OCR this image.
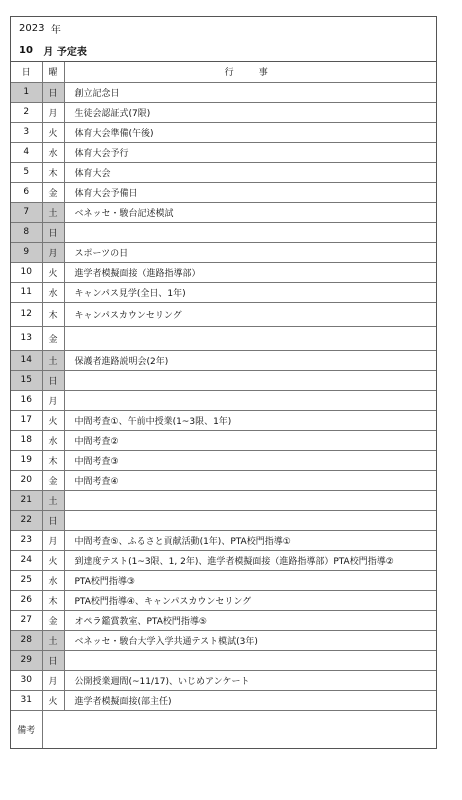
2023
年
10
月
予定表
日	曜	行　事
1	日	創立記念日
2	月	生徒会認証式(7限)
3	火	体育大会準備(午後)
4	水	体育大会予行
5	木	体育大会
6	金	体育大会予備日
7	土	ベネッセ・駿台記述模試
8	日	
9	月	スポーツの日
10	火	進学者模擬面接（進路指導部）
11	水	キャンパス見学(全日、1年)
12	木	キャンパスカウンセリング
13	金	
14	土	保護者進路説明会(2年)
15	日	
16	月	
17	火	中間考査①、午前中授業(1~3限、1年)
18	水	中間考査②
19	木	中間考査③
20	金	中間考査④
21	土	
22	日	
23	月	中間考査⑤、ふるさと貢献活動(1年)、PTA校門指導①
24	火	到達度テスト(1~3限、1, 2年)、進学者模擬面接（進路指導部）PTA校門指導②
25	水	PTA校門指導③
26	木	PTA校門指導④、キャンパスカウンセリング
27	金	オペラ鑑賞教室、PTA校門指導⑤
28	土	ベネッセ・駿台大学入学共通テスト模試(3年)
29	日	
30	月	公開授業週間(~11/17)、いじめアンケート
31	火	進学者模擬面接(部主任)
備考		
